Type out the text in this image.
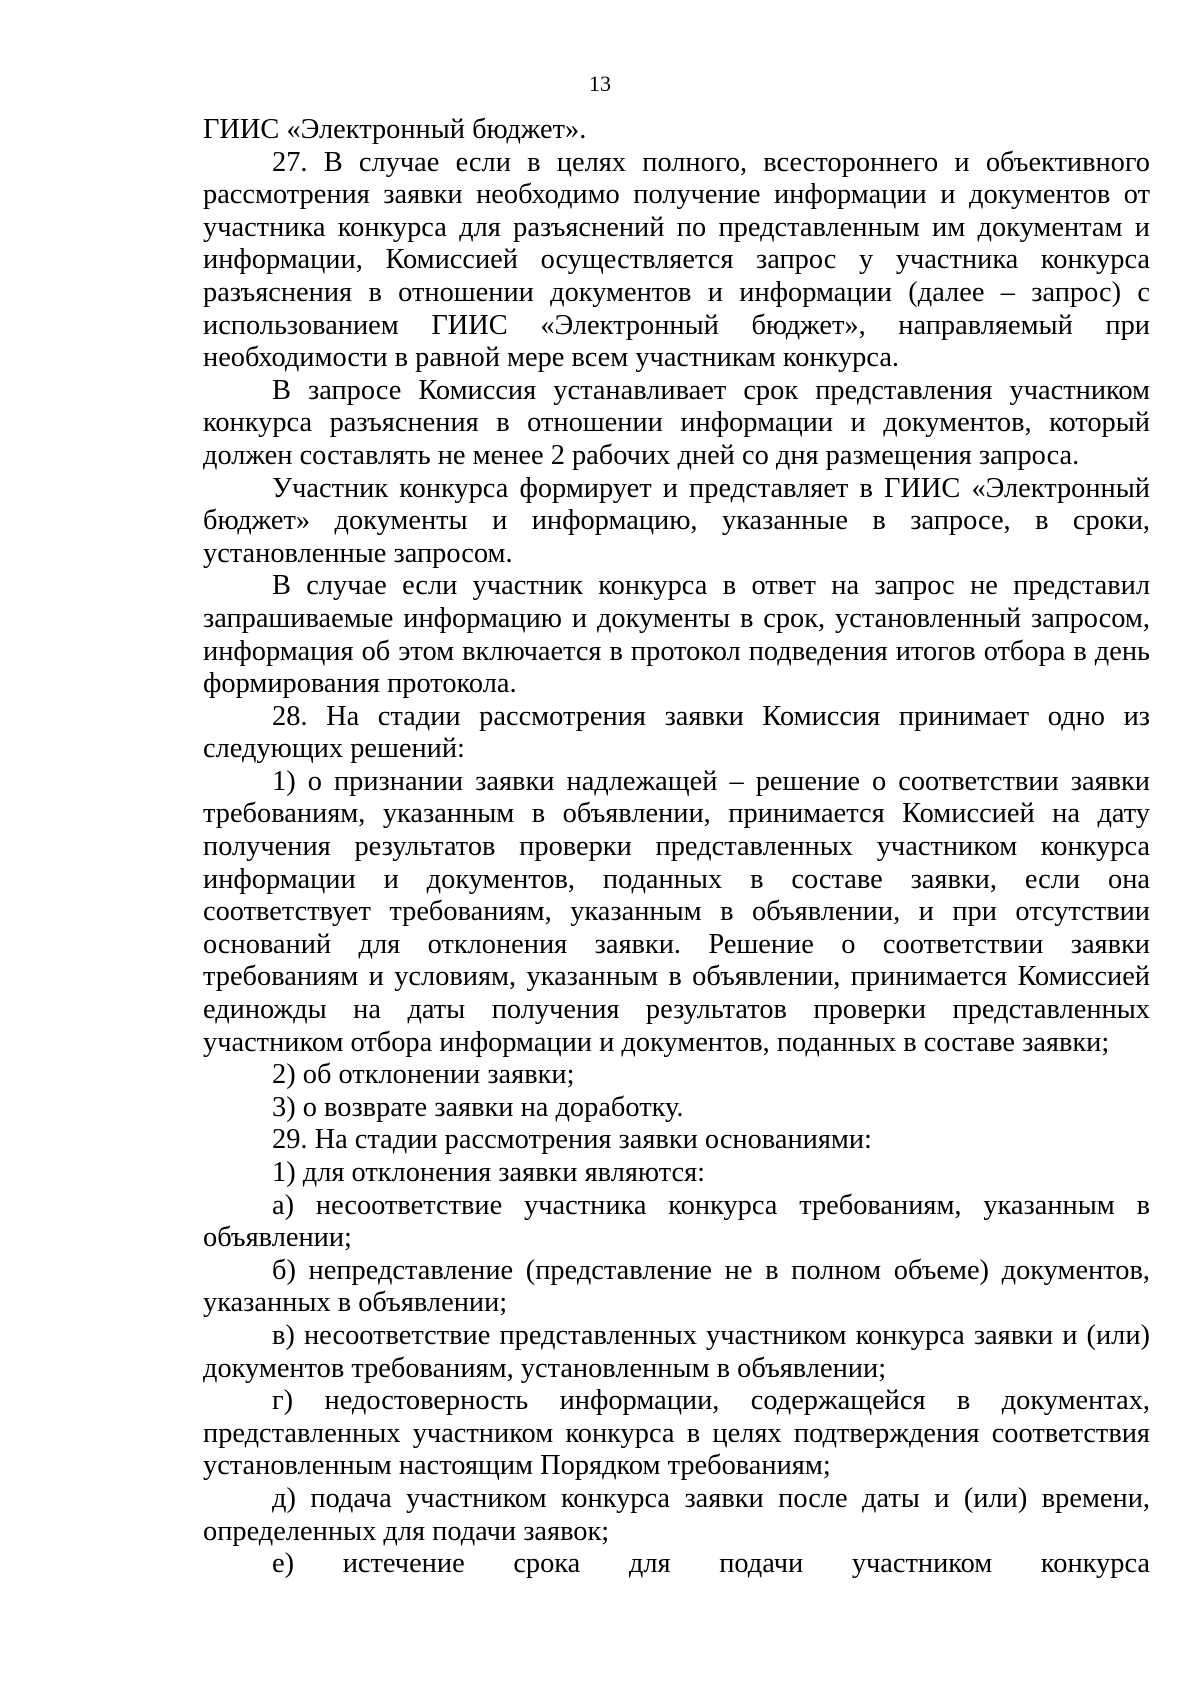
13

ГИИС «Электронный бюджет».

27. В случае если в целях полного, всестороннего и объективного рассмотрения заявки необходимо получение информации и документов от участника конкурса для разъяснений по представленным им документам и информации, Комиссией осуществляется запрос у участника конкурса разъяснения в отношении документов и информации (далее – запрос) с использованием ГИИС «Электронный бюджет», направляемый при необходимости в равной мере всем участникам конкурса.

В запросе Комиссия устанавливает срок представления участником конкурса разъяснения в отношении информации и документов, который должен составлять не менее 2 рабочих дней со дня размещения запроса.

Участник конкурса формирует и представляет в ГИИС «Электронный бюджет» документы и информацию, указанные в запросе, в сроки, установленные запросом.

В случае если участник конкурса в ответ на запрос не представил запрашиваемые информацию и документы в срок, установленный запросом, информация об этом включается в протокол подведения итогов отбора в день формирования протокола.

28. На стадии рассмотрения заявки Комиссия принимает одно из следующих решений:

1) о признании заявки надлежащей – решение о соответствии заявки требованиям, указанным в объявлении, принимается Комиссией на дату получения результатов проверки представленных участником конкурса информации и документов, поданных в составе заявки, если она соответствует требованиям, указанным в объявлении, и при отсутствии оснований для отклонения заявки. Решение о соответствии заявки требованиям и условиям, указанным в объявлении, принимается Комиссией единожды на даты получения результатов проверки представленных участником отбора информации и документов, поданных в составе заявки;

2) об отклонении заявки;

3) о возврате заявки на доработку.

29. На стадии рассмотрения заявки основаниями:

1) для отклонения заявки являются:

а) несоответствие участника конкурса требованиям, указанным в объявлении;

б) непредставление (представление не в полном объеме) документов, указанных в объявлении;

в) несоответствие представленных участником конкурса заявки и (или) документов требованиям, установленным в объявлении;

г) недостоверность информации, содержащейся в документах, представленных участником конкурса в целях подтверждения соответствия установленным настоящим Порядком требованиям;

д) подача участником конкурса заявки после даты и (или) времени, определенных для подачи заявок;

е) истечение срока для подачи участником конкурса
